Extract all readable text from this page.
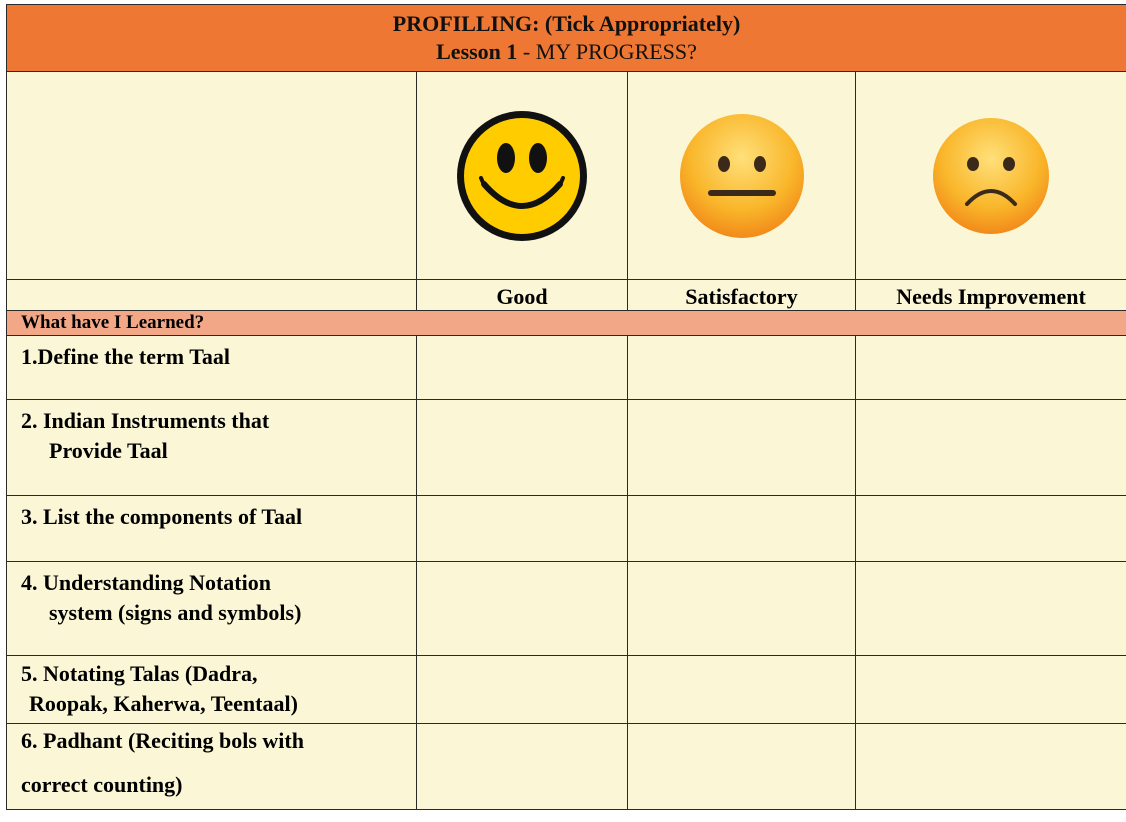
PROFILLING: (Tick Appropriately)
Lesson 1 - MY PROGRESS?			

	Good	Satisfactory	Needs Improvement
What have I Learned?			

1.Define the term Taal			

2. Indian Instruments that
Provide Taal			

3. List the components of Taal			

4. Understanding Notation
system (signs and symbols)			

5. Notating Talas (Dadra,
Roopak, Kaherwa, Teentaal)			

6. Padhant (Reciting bols with
correct counting)			
